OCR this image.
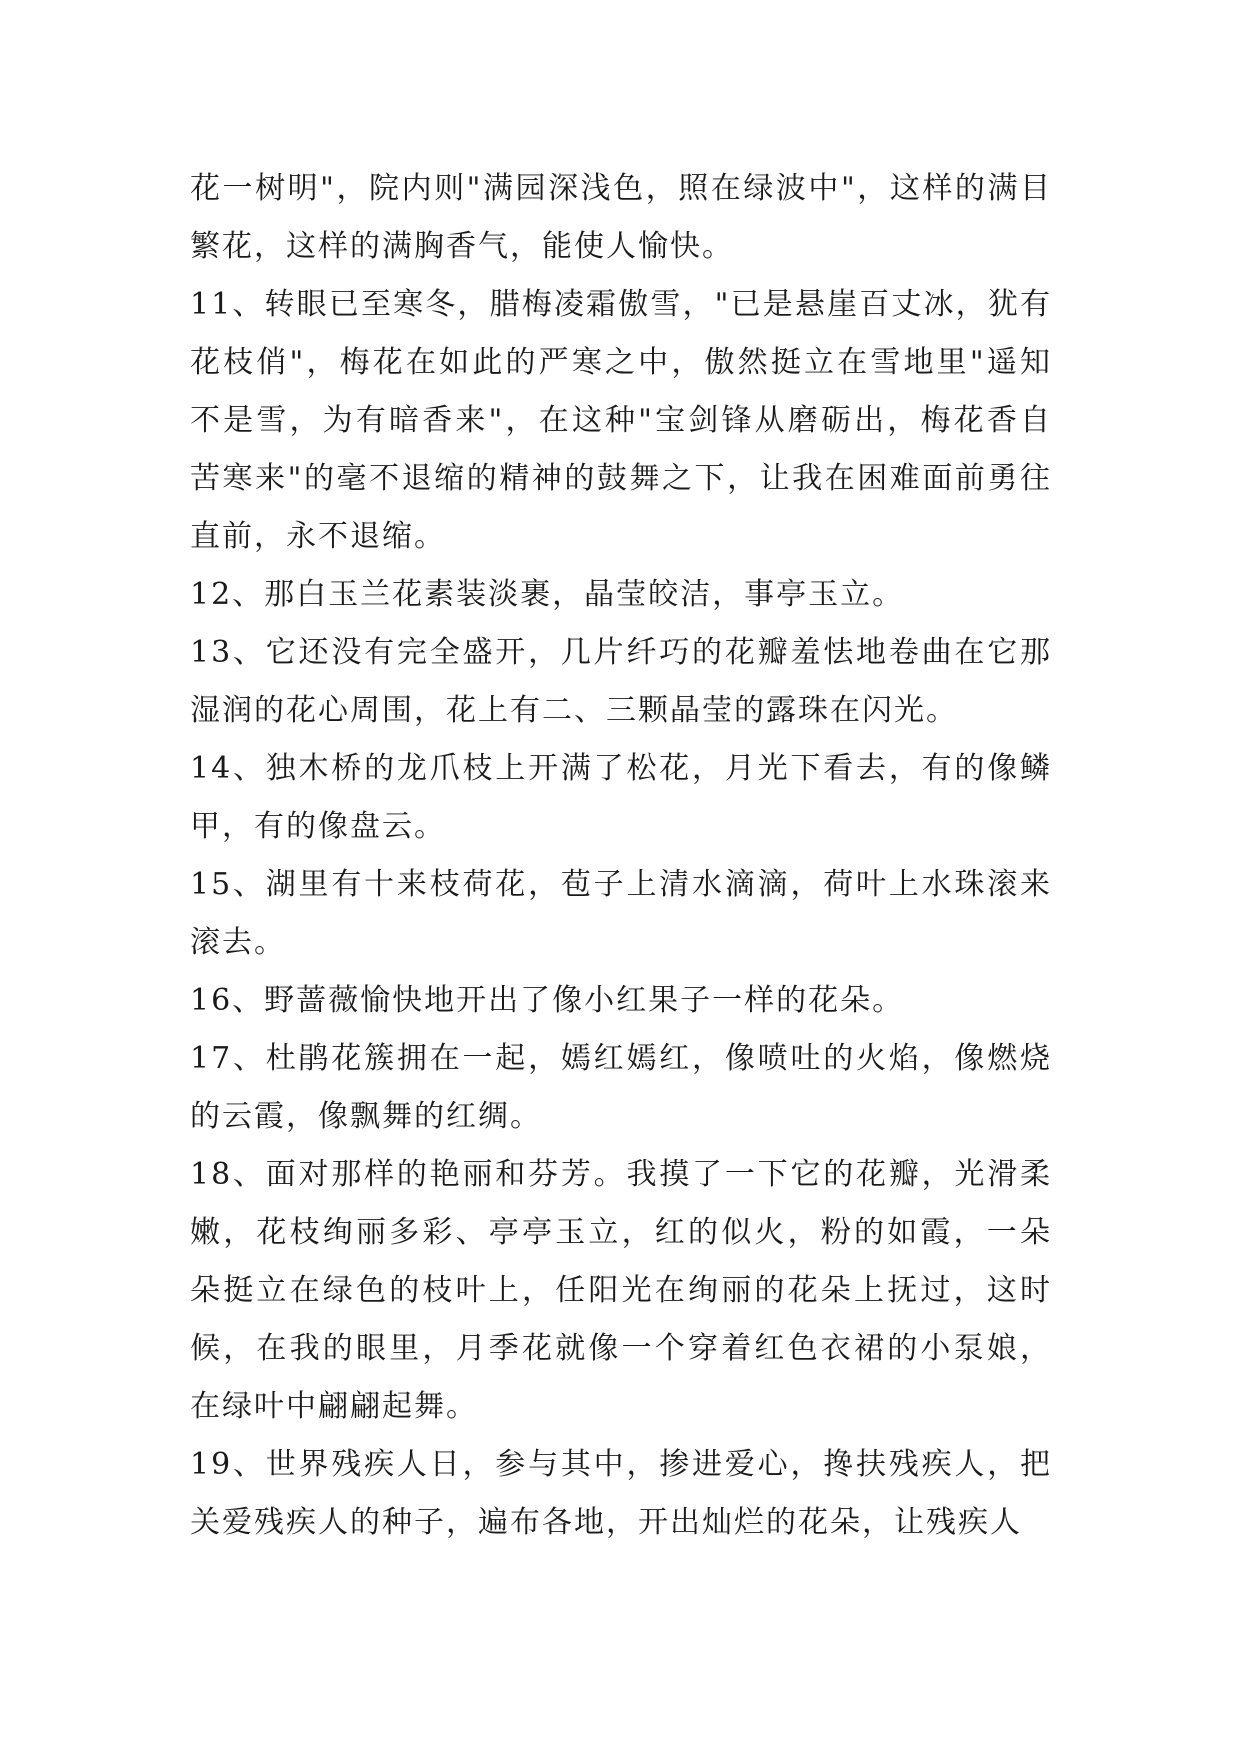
花一树明"，院内则"满园深浅色，照在绿波中"，这样的满目繁花，这样的满胸香气，能使人愉快。

11、转眼已至寒冬，腊梅凌霜傲雪，"已是悬崖百丈冰，犹有花枝俏"，梅花在如此的严寒之中，傲然挺立在雪地里"遥知不是雪，为有暗香来"，在这种"宝剑锋从磨砺出，梅花香自苦寒来"的毫不退缩的精神的鼓舞之下，让我在困难面前勇往直前，永不退缩。

12、那白玉兰花素装淡裹，晶莹皎洁，事亭玉立。

13、它还没有完全盛开，几片纤巧的花瓣羞怯地卷曲在它那湿润的花心周围，花上有二、三颗晶莹的露珠在闪光。

14、独木桥的龙爪枝上开满了松花，月光下看去，有的像鳞甲，有的像盘云。

15、湖里有十来枝荷花，苞子上清水滴滴，荷叶上水珠滚来滚去。

16、野蔷薇愉快地开出了像小红果子一样的花朵。

17、杜鹃花簇拥在一起，嫣红嫣红，像喷吐的火焰，像燃烧的云霞，像飘舞的红绸。

18、面对那样的艳丽和芬芳。我摸了一下它的花瓣，光滑柔嫩，花枝绚丽多彩、亭亭玉立，红的似火，粉的如霞，一朵朵挺立在绿色的枝叶上，任阳光在绚丽的花朵上抚过，这时候，在我的眼里，月季花就像一个穿着红色衣裙的小泵娘，在绿叶中翩翩起舞。

19、世界残疾人日，参与其中，掺进爱心，搀扶残疾人，把关爱残疾人的种子，遍布各地，开出灿烂的花朵，让残疾人
